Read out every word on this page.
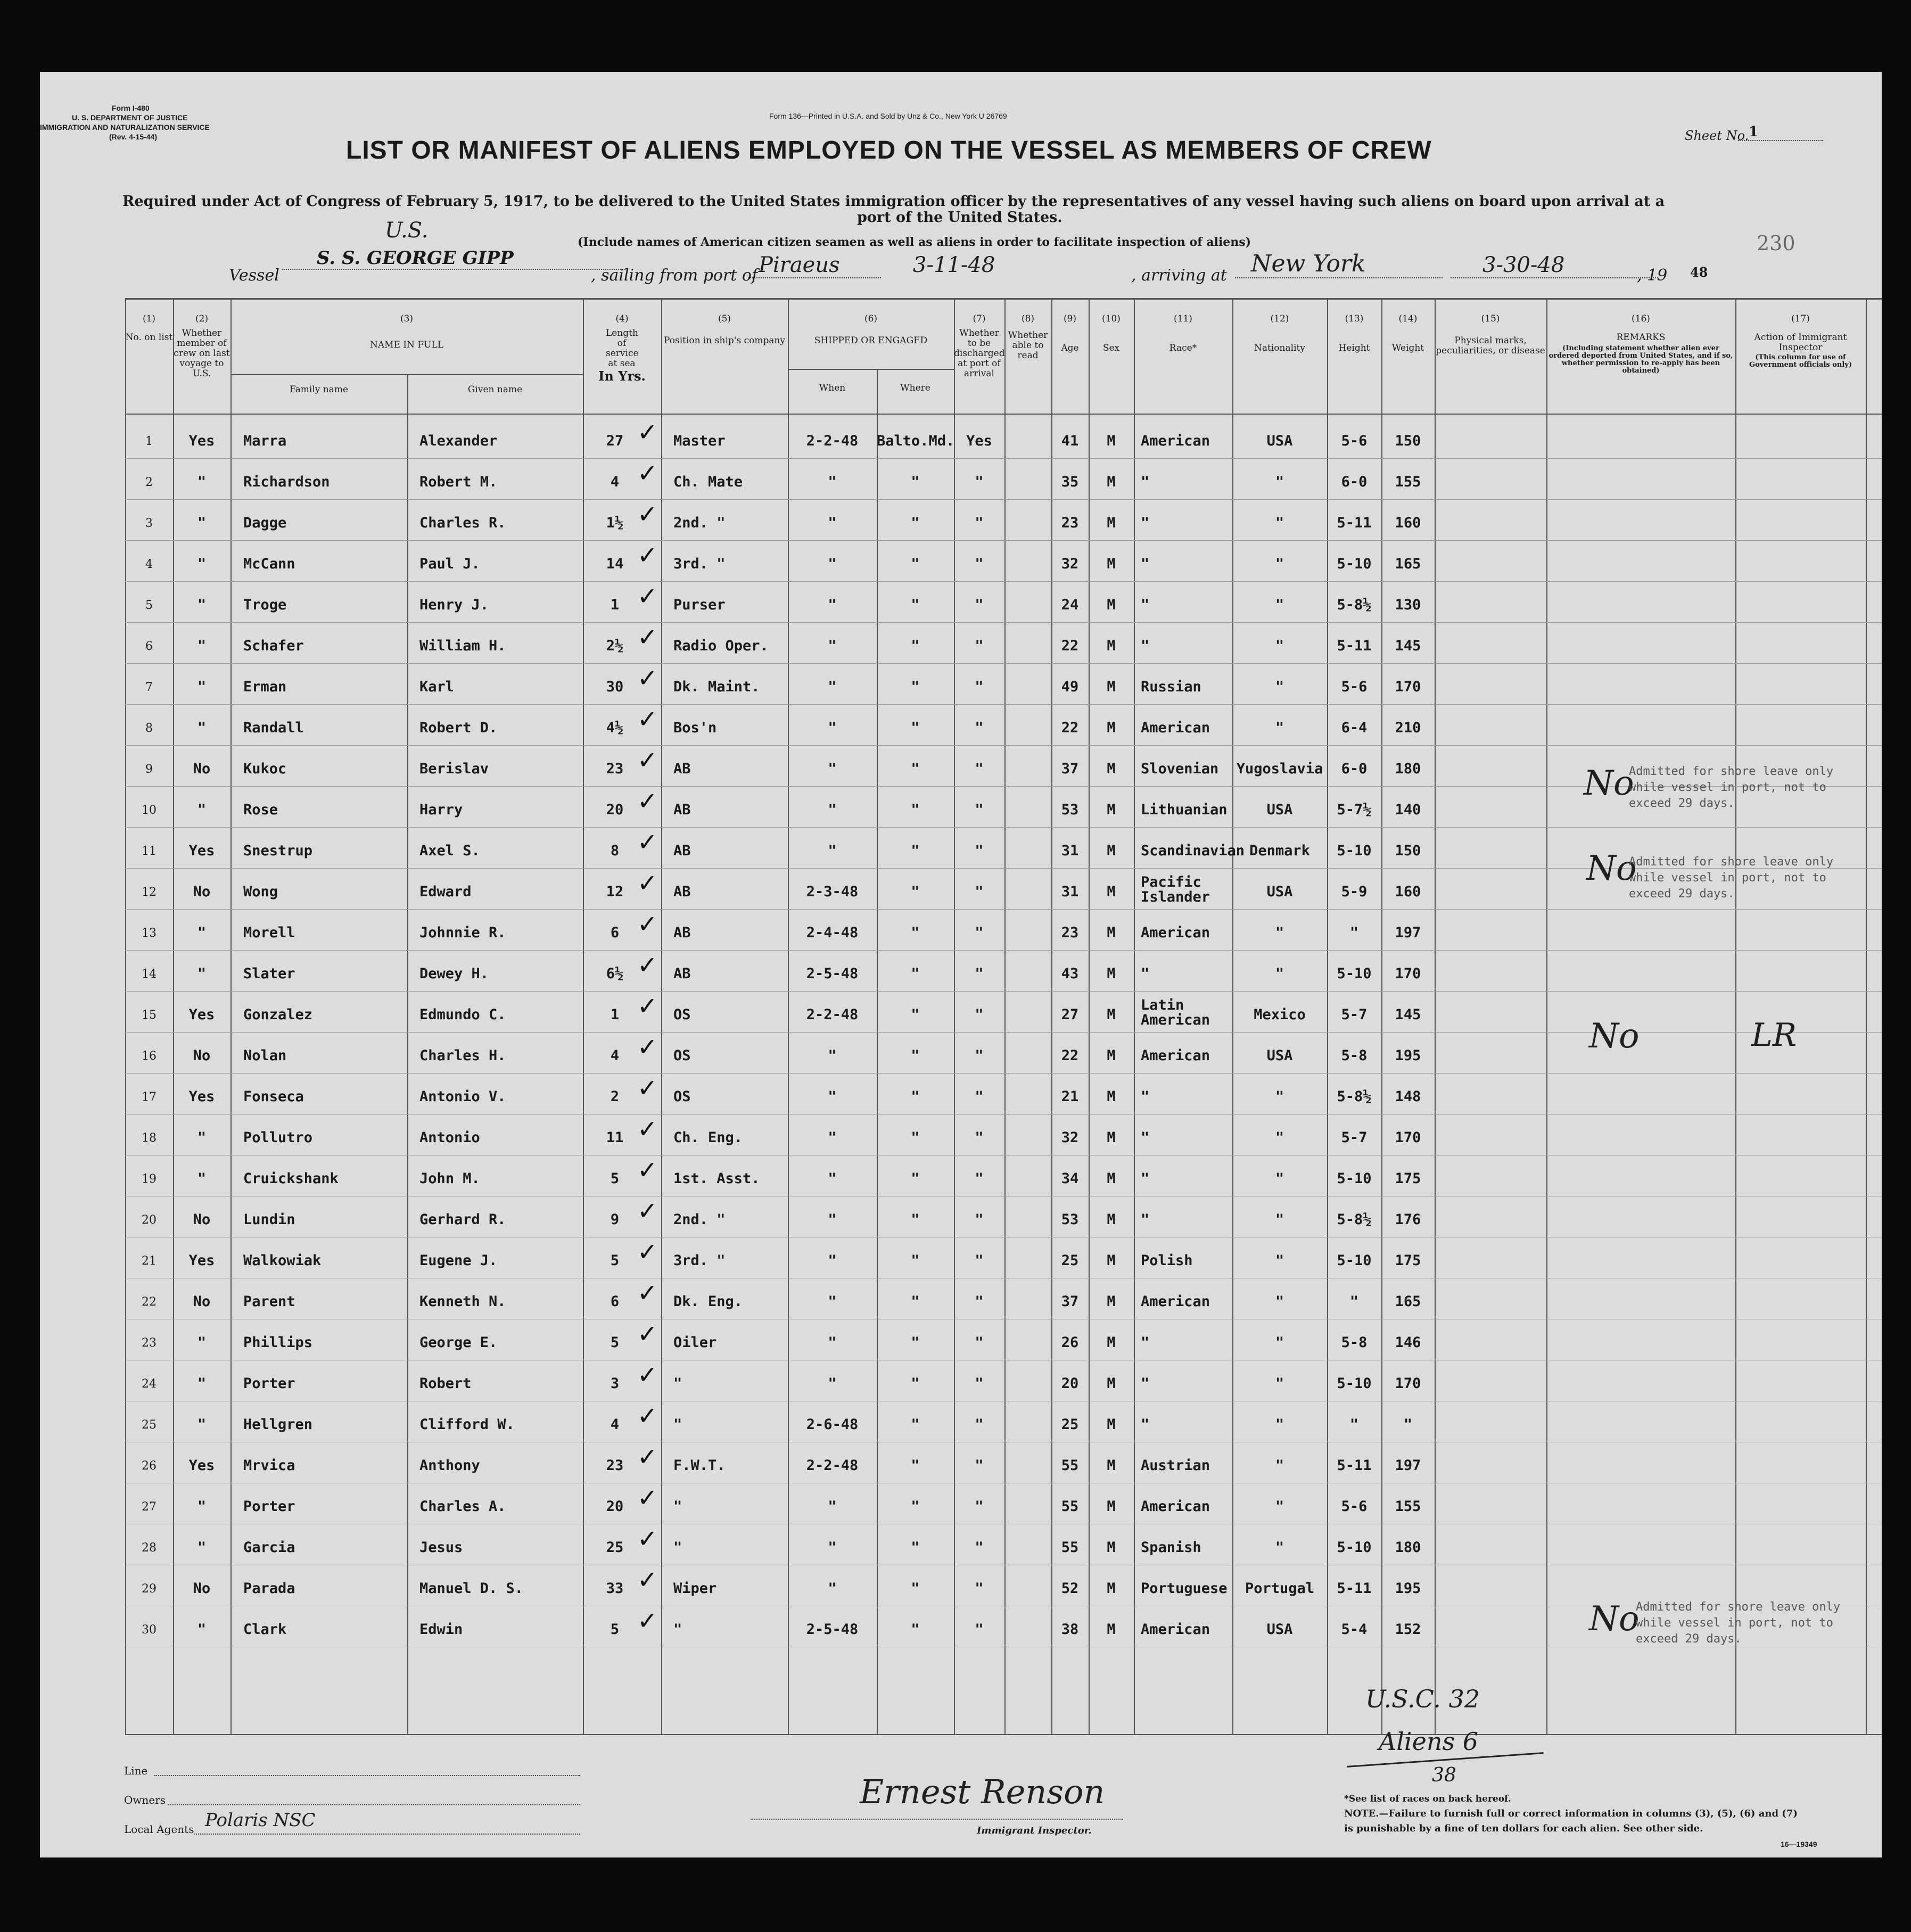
Form I-480
U. S. DEPARTMENT OF JUSTICE
IMMIGRATION AND NATURALIZATION SERVICE
(Rev. 4-15-44)
Form 136—Printed in U.S.A. and Sold by Unz & Co., New York U 26769
Sheet No. 1
LIST OR MANIFEST OF ALIENS EMPLOYED ON THE VESSEL AS MEMBERS OF CREW
Required under Act of Congress of February 5, 1917, to be delivered to the United States immigration officer by the representatives of any vessel having such aliens on board upon arrival at a
port of the United States.
(Include names of American citizen seamen as well as aliens in order to facilitate inspection of aliens)	230
U.S.
Vessel
S. S. GEORGE GIPP
, sailing from port of Piraeus	3-11-48	, arriving at	New York	3-30-48	, 19 48
(1)
No. on list
(2)
Whether member of crew on last voyage to U.S.
(3)
NAME IN FULL
Family name	Given name
(4)
Length of service at sea
In Yrs.
(5)
Position in ship's company
(6)
SHIPPED OR ENGAGED
When	Where
(7)
Whether to be discharged at port of arrival
(8)
Whether able to read
(9)
Age
(10)
Sex
(11)
Race*
(12)
Nationality
(13)
Height
(14)
Weight
(15)
Physical marks, peculiarities, or disease
(16)
REMARKS
(Including statement whether alien ever ordered deported from United States, and if so, whether permission to re-apply has been obtained)
(17)
Action of Immigrant Inspector
(This column for use of Government officials only)
1	Yes	Marra	Alexander	27	Master	2-2-48	Balto.Md. Yes	41	M	American	USA	5-6	150
✓
2	"	Richardson	Robert M.	4	Ch. Mate	"	"	"	35	M	"	"	6-0	155
✓
3	"	Dagge	Charles R.	1½	2nd. "	"	"	"	23	M	"	"	5-11	160
✓
4	"	McCann	Paul J.	14	3rd. "	"	"	"	32	M	"	"	5-10	165
✓
5	"	Troge	Henry J.	1	Purser	"	"	"	24	M	"	"	5-8½	130
✓
6	"	Schafer	William H.	2½	Radio Oper.	"	"	"	22	M	"	"	5-11	145
✓
7	"	Erman	Karl	30	Dk. Maint.	"	"	"	49	M	Russian	"	5-6	170
✓
8	"	Randall	Robert D.	4½	Bos'n	"	"	"	22	M	American	"	6-4	210
✓
9	No	Kukoc	Berislav	23	AB	"	"	"	37	M	Slovenian	Yugoslavia	6-0	180
✓
10	"	Rose	Harry	20	AB	"	"	"	53	M	Lithuanian	USA	5-7½	140
✓
11	Yes	Snestrup	Axel S.	8	AB	"	"	"	31	M	Scandinavian Denmark	5-10	150
✓
12	No	Wong	Edward	12	AB	2-3-48	"	"	31	M
Pacific Islander	USA	5-9	160
✓
13	"	Morell	Johnnie R.	6	AB	2-4-48	"	"	23	M	American	"	"	197
✓
14	"	Slater	Dewey H.	6½	AB	2-5-48	"	"	43	M	"	"	5-10	170
✓
15	Yes	Gonzalez	Edmundo C.	1	OS	2-2-48	"	"	27	M
Latin American	Mexico	5-7	145
✓
16	No	Nolan	Charles H.	4	OS	"	"	"	22	M	American	USA	5-8	195
✓
17	Yes	Fonseca	Antonio V.	2	OS	"	"	"	21	M	"	"	5-8½	148
✓
18	"	Pollutro	Antonio	11	Ch. Eng.	"	"	"	32	M	"	"	5-7	170
✓
19	"	Cruickshank	John M.	5	1st. Asst.	"	"	"	34	M	"	"	5-10	175
✓
20	No	Lundin	Gerhard R.	9	2nd. "	"	"	"	53	M	"	"	5-8½	176
✓
21	Yes	Walkowiak	Eugene J.	5	3rd. "	"	"	"	25	M	Polish	"	5-10	175
✓
22	No	Parent	Kenneth N.	6	Dk. Eng.	"	"	"	37	M	American	"	"	165
✓
23	"	Phillips	George E.	5	Oiler	"	"	"	26	M	"	"	5-8	146
✓
24	"	Porter	Robert	3	"	"	"	"	20	M	"	"	5-10	170
✓
25	"	Hellgren	Clifford W.	4	"	2-6-48	"	"	25	M	"	"	"	"
✓
26	Yes	Mrvica	Anthony	23	F.W.T.	2-2-48	"	"	55	M	Austrian	"	5-11	197
✓
27	"	Porter	Charles A.	20	"	"	"	"	55	M	American	"	5-6	155
✓
28	"	Garcia	Jesus	25	"	"	"	"	55	M	Spanish	"	5-10	180
✓
29	No	Parada	Manuel D. S.	33	Wiper	"	"	"	52	M	Portuguese	Portugal	5-11	195
✓
30	"	Clark	Edwin	5	"	2-5-48	"	"	38	M	American	USA	5-4	152
✓
No
Admitted for shore leave only
while vessel in port, not to
exceed 29 days.
No
Admitted for shore leave only
while vessel in port, not to
exceed 29 days.
No	LR
No
Admitted for shore leave only
while vessel in port, not to
exceed 29 days.
Line
Owners
Local Agents Polaris NSC
Ernest Renson
Immigrant Inspector.
U.S.C. 32
Aliens 6
38
*See list of races on back hereof.
NOTE.—Failure to furnish full or correct information in columns (3), (5), (6) and (7)
is punishable by a fine of ten dollars for each alien. See other side.
16—19349
